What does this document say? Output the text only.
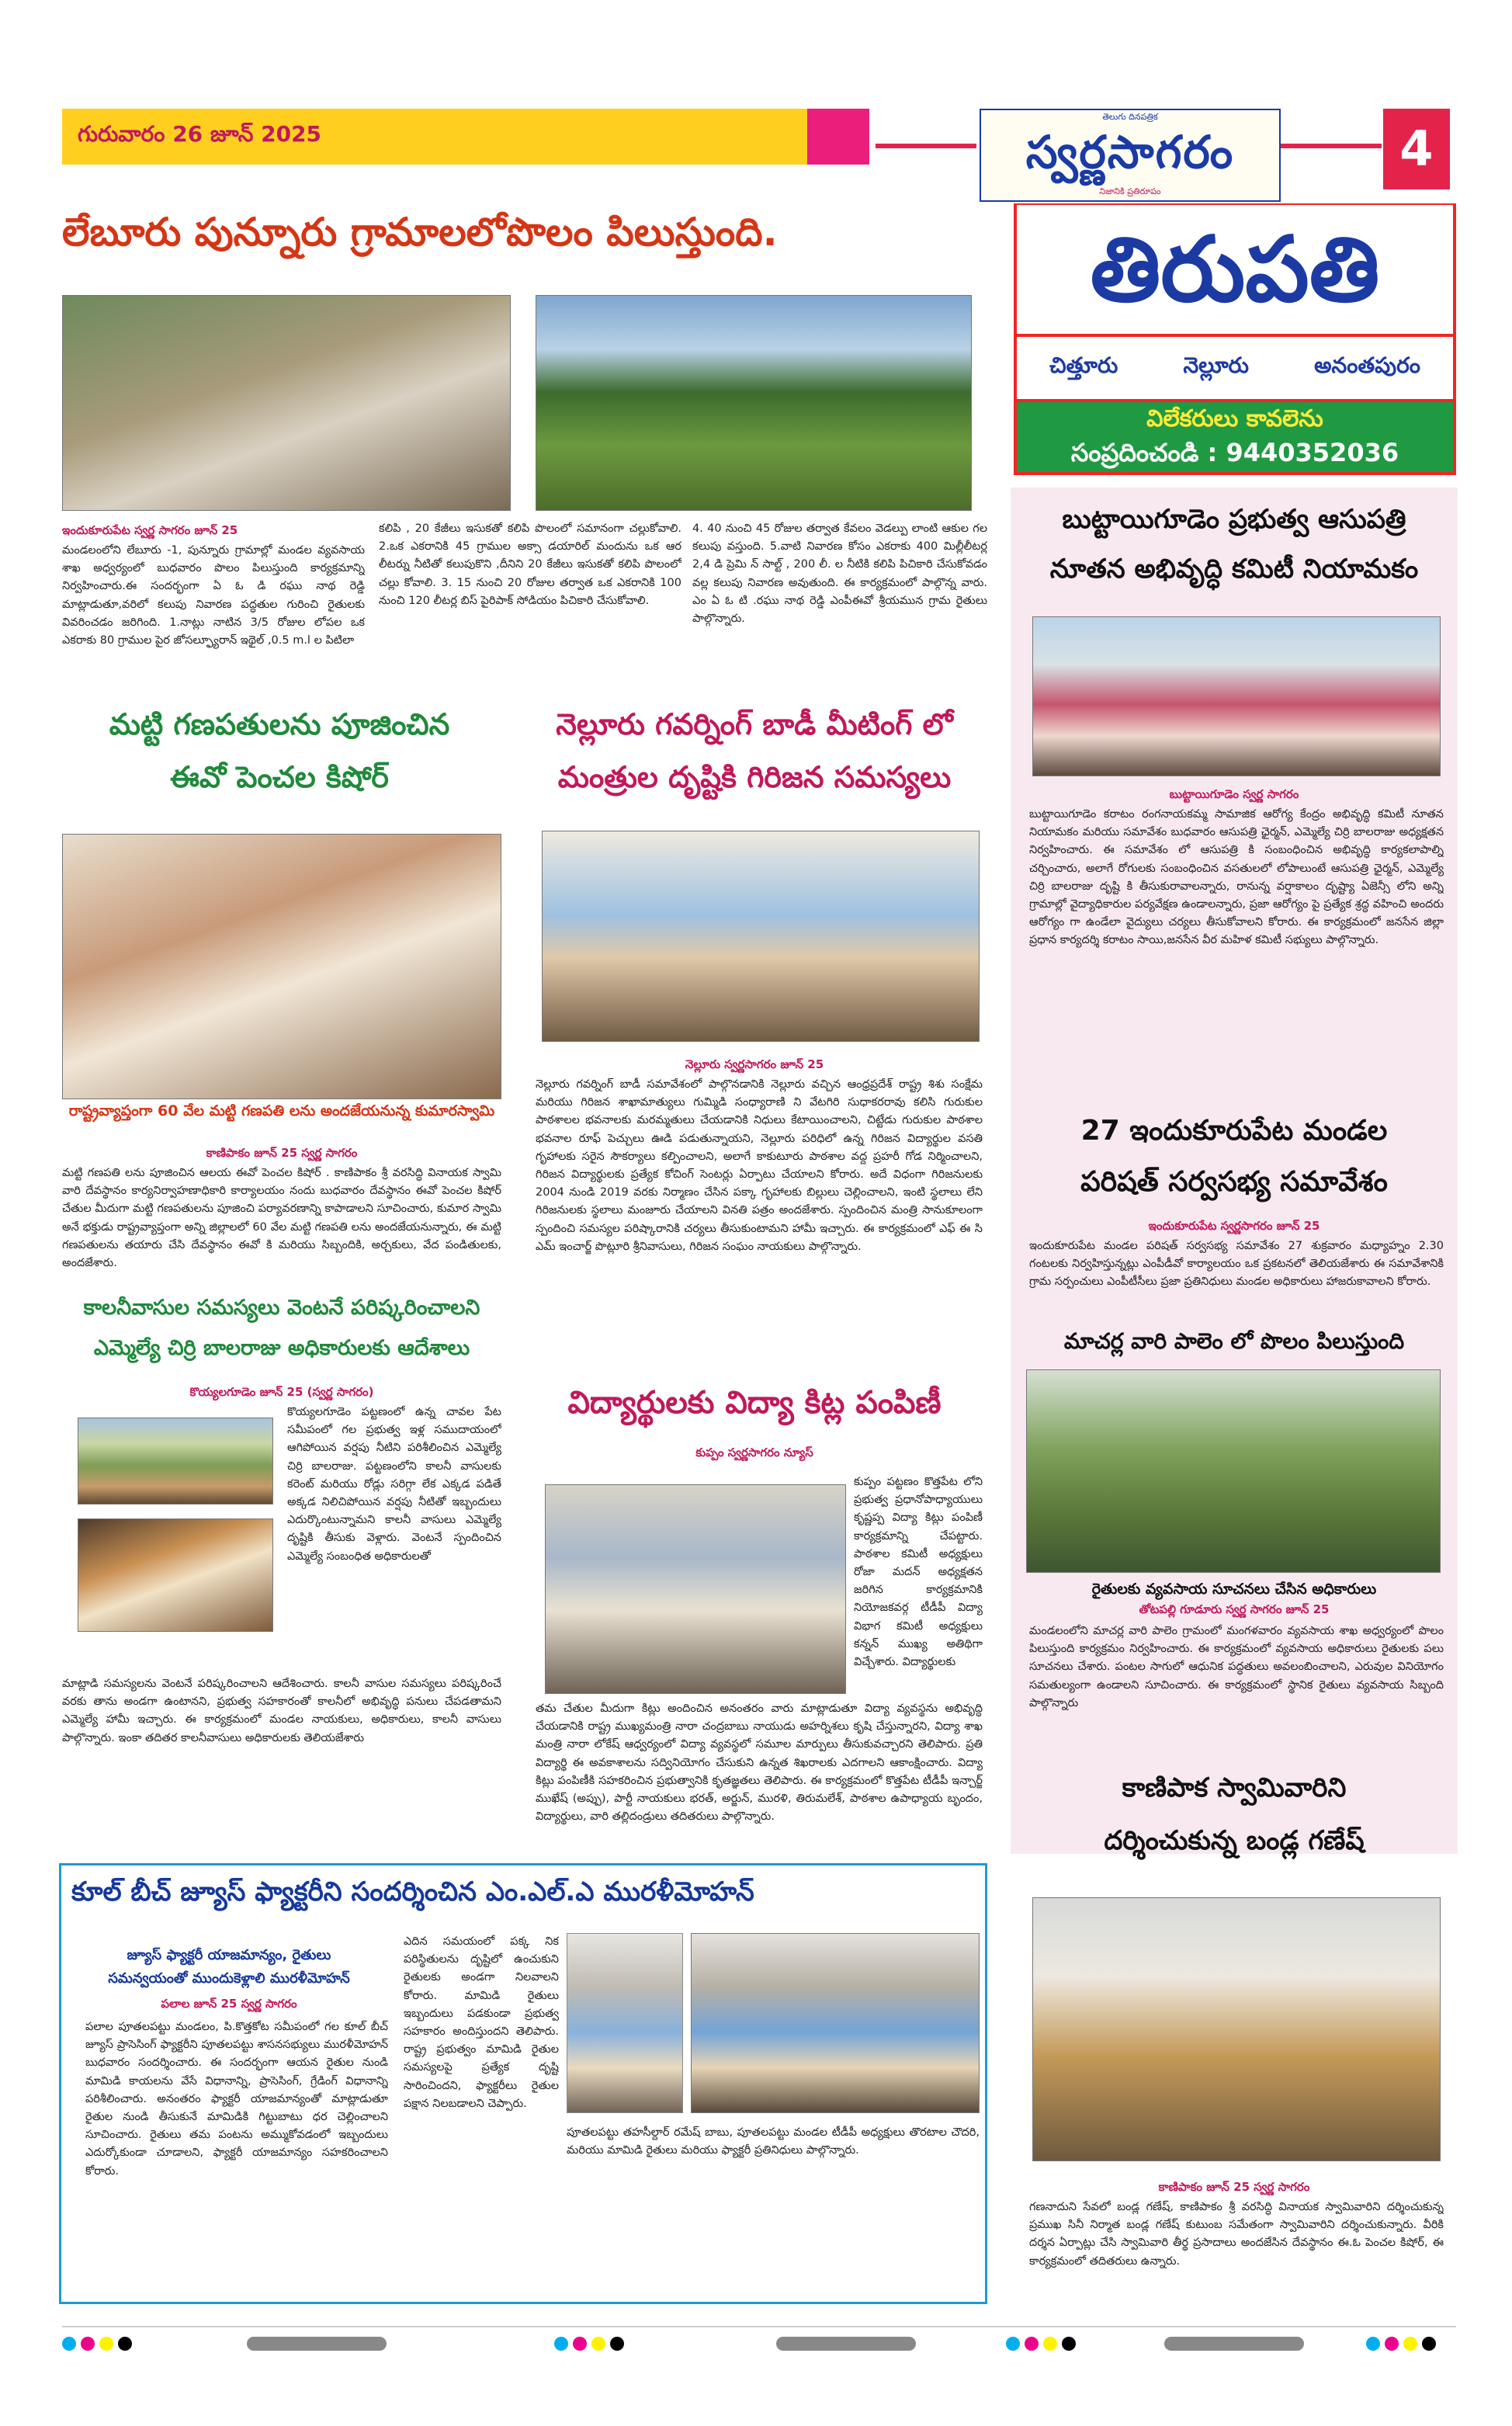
గురువారం 26 జూన్ 2025
తెలుగు దినపత్రిక
స్వర్ణసాగరం
నిజానికి ప్రతిరూపం
4
లేబూరు పున్నూరు గ్రామాలలోపొలం పిలుస్తుంది.
ఇందుకూరుపేట స్వర్ణ సాగరం జూన్ 25
మండలంలోని లేబూరు -1, పున్నూరు గ్రామాల్లో మండల వ్యవసాయ శాఖ అధ్వర్యంలో బుధవారం పొలం పిలుస్తుంది కార్యక్రమాన్ని నిర్వహించారు.ఈ సందర్భంగా ఏ ఓ డి రఘు నాథ రెడ్డి మాట్లాడుతూ,వరిలో కలుపు నివారణ పద్ధతుల గురించి రైతులకు వివరించడం జరిగింది. 1.నాట్లు నాటిన 3/5 రోజుల లోపల ఒక ఎకరాకు 80 గ్రాముల పైర జోసల్ఫ్యూరాన్ ఇథైల్ ,0.5 m.l ల పిటిలా
కలిపి , 20 కేజీలు ఇసుకతో కలిపి పొలంలో సమానంగా చల్లుకోవాలి. 2.ఒక ఎకరానికి 45 గ్రాముల అక్సా డయారిల్ మందును ఒక ఆర లీటర్ను నీటితో కలుపుకొని ,దీనిని 20 కేజీలు ఇసుకతో కలిపి పొలంలో చల్లు కోవాలి. 3. 15 నుంచి 20 రోజుల తర్వాత ఒక ఎకరానికి 100 నుంచి 120 లీటర్ల బిస్ పైరిపాక్ సోడియం పిచికారి చేసుకోవాలి.
4. 40 నుంచి 45 రోజుల తర్వాత కేవలం వెడల్పు లాంటి ఆకుల గల కలుపు వస్తుంది. 5.వాటి నివారణ కోసం ఎకరాకు 400 మిల్లీలీటర్ల 2,4 డి ప్రెమి న్ సాల్ట్ , 200 లీ. ల నీటికి కలిపి పిచికారి చేసుకోవడం వల్ల కలుపు నివారణ అవుతుంది. ఈ కార్యక్రమంలో పాల్గొన్న వారు. ఎం ఏ ఓ టి .రఘు నాథ రెడ్డి ఎంపీఈవో శ్రీయమున గ్రామ రైతులు పాల్గొన్నారు.
మట్టి గణపతులను పూజించిన
ఈవో పెంచల కిషోర్
రాష్ట్రవ్యాప్తంగా 60 వేల మట్టి గణపతి లను అందజేయనున్న కుమారస్వామి
కాణిపాకం జూన్ 25 స్వర్ణ సాగరం
మట్టి గణపతి లను పూజించిన ఆలయ ఈవో పెంచల కిషోర్ . కాణిపాకం శ్రీ వరసిద్ధి వినాయక స్వామి వారి దేవస్థానం కార్యనిర్వాహణాధికారి కార్యాలయం నందు బుధవారం దేవస్థానం ఈవో పెంచల కిషోర్ చేతుల మీదుగా మట్టి గణపతులను పూజించి పర్యావరణాన్ని కాపాడాలని సూచించారు, కుమార స్వామి అనే భక్తుడు రాష్ట్రవ్యాప్తంగా అన్ని జిల్లాలలో 60 వేల మట్టి గణపతి లను అందజేయనున్నారు, ఈ మట్టి గణపతులను తయారు చేసి దేవస్థానం ఈవో కి మరియు సిబ్బందికి, అర్చకులు, వేద పండితులకు, అందజేశారు.
కాలనీవాసుల సమస్యలు వెంటనే పరిష్కరించాలని
ఎమ్మెల్యే చిర్రి బాలరాజు అధికారులకు ఆదేశాలు
కొయ్యలగూడెం జూన్ 25 (స్వర్ణ సాగరం)
కొయ్యలగూడెం పట్టణంలో ఉన్న చావల పేట సమీపంలో గల ప్రభుత్వ ఇళ్ల సముదాయంలో ఆగిపోయిన వర్షపు నీటిని పరిశీలించిన ఎమ్మెల్యే చిర్రి బాలరాజు. పట్టణంలోని కాలనీ వాసులకు కరెంట్ మరియు రోడ్లు సరిగ్గా లేక ఎక్కడ పడితే అక్కడ నిలిచిపోయిన వర్షపు నీటితో ఇబ్బందులు ఎదుర్కొంటున్నామని కాలనీ వాసులు ఎమ్మెల్యే దృష్టికి తీసుకు వెళ్లారు. వెంటనే స్పందించిన ఎమ్మెల్యే సంబంధిత అధికారులతో
మాట్లాడి సమస్యలను వెంటనే పరిష్కరించాలని ఆదేశించారు. కాలనీ వాసుల సమస్యలు పరిష్కరించే వరకు తాను అండగా ఉంటానని, ప్రభుత్వ సహకారంతో కాలనీలో అభివృద్ధి పనులు చేపడతామని ఎమ్మెల్యే హామీ ఇచ్చారు. ఈ కార్యక్రమంలో మండల నాయకులు, అధికారులు, కాలనీ వాసులు పాల్గొన్నారు. ఇంకా తదితర కాలనీవాసులు అధికారులకు తెలియజేశారు
నెల్లూరు గవర్నింగ్ బాడీ మీటింగ్ లో
మంత్రుల దృష్టికి గిరిజన సమస్యలు
నెల్లూరు స్వర్ణసాగరం జూన్ 25
నెల్లూరు గవర్నింగ్ బాడీ సమావేశంలో పాల్గొనడానికి నెల్లూరు వచ్చిన ఆంధ్రప్రదేశ్ రాష్ట్ర శిశు సంక్షేమ మరియు గిరిజన శాఖామాత్యులు గుమ్మిడి సంధ్యారాణి ని వేటగిరి సుధాకరరావు కలిసి గురుకుల పాఠశాలల భవనాలకు మరమ్మతులు చేయడానికి నిధులు కేటాయించాలని, చిట్టేడు గురుకుల పాఠశాల భవనాల రూఫ్ పెచ్చులు ఊడి పడుతున్నాయని, నెల్లూరు పరిధిలో ఉన్న గిరిజన విద్యార్థుల వసతి గృహాలకు సరైన సౌకర్యాలు కల్పించాలని, అలాగే కాకుటూరు పాఠశాల వద్ద ప్రహరీ గోడ నిర్మించాలని, గిరిజన విద్యార్థులకు ప్రత్యేక కోచింగ్ సెంటర్లు ఏర్పాటు చేయాలని కోరారు. అదే విధంగా గిరిజనులకు 2004 నుండి 2019 వరకు నిర్మాణం చేసిన పక్కా గృహాలకు బిల్లులు చెల్లించాలని, ఇంటి స్థలాలు లేని గిరిజనులకు స్థలాలు మంజూరు చేయాలని వినతి పత్రం అందజేశారు. స్పందించిన మంత్రి సానుకూలంగా స్పందించి సమస్యల పరిష్కారానికి చర్యలు తీసుకుంటామని హామీ ఇచ్చారు. ఈ కార్యక్రమంలో ఎఫ్ ఈ సి ఎమ్ ఇంచార్జ్ పొట్లూరి శ్రీనివాసులు, గిరిజన సంఘం నాయకులు పాల్గొన్నారు.
విద్యార్థులకు విద్యా కిట్ల పంపిణీ
కుప్పం స్వర్ణసాగరం న్యూస్
కుప్పం పట్టణం కొత్తపేట లోని ప్రభుత్వ ప్రధానోపాధ్యాయులు కృష్ణప్ప విద్యా కిట్లు పంపిణీ కార్యక్రమాన్ని చేపట్టారు. పాఠశాల కమిటీ అధ్యక్షులు రోజా మదన్ అధ్యక్షతన జరిగిన కార్యక్రమానికి నియోజకవర్గ టీడీపీ విద్యా విభాగ కమిటీ అధ్యక్షులు కన్నన్ ముఖ్య అతిథిగా విచ్చేశారు. విద్యార్థులకు
తమ చేతుల మీదుగా కిట్లు అందించిన అనంతరం వారు మాట్లాడుతూ విద్యా వ్యవస్థను అభివృద్ధి చేయడానికి రాష్ట్ర ముఖ్యమంత్రి నారా చంద్రబాబు నాయుడు అహర్నిశలు కృషి చేస్తున్నారని, విద్యా శాఖ మంత్రి నారా లోకేష్ ఆధ్వర్యంలో విద్యా వ్యవస్థలో సమూల మార్పులు తీసుకువచ్చారని తెలిపారు. ప్రతి విద్యార్థి ఈ అవకాశాలను సద్వినియోగం చేసుకుని ఉన్నత శిఖరాలకు ఎదగాలని ఆకాంక్షించారు. విద్యా కిట్లు పంపిణీకి సహకరించిన ప్రభుత్వానికి కృతజ్ఞతలు తెలిపారు. ఈ కార్యక్రమంలో కొత్తపేట టీడీపీ ఇన్చార్జ్ ముఖేష్ (అప్పు), పార్టీ నాయకులు భరత్, అర్జున్, మురళి, తిరుమలేశ్, పాఠశాల ఉపాధ్యాయ బృందం, విద్యార్థులు, వారి తల్లిదండ్రులు తదితరులు పాల్గొన్నారు.
కూల్ బీచ్ జ్యూస్ ఫ్యాక్టరీని సందర్శించిన ఎం.ఎల్.ఎ మురళీమోహన్
జ్యూస్ ఫ్యాక్టరీ యాజమాన్యం, రైతులు
సమన్వయంతో ముందుకెళ్లాలి మురళీమోహన్
పలాల జూన్ 25 స్వర్ణ సాగరం
పలాల పూతలపట్టు మండలం, పి.కొత్తకోట సమీపంలో గల కూల్ బీచ్ జ్యూస్ ప్రాసెసింగ్ ఫ్యాక్టరీని పూతలపట్టు శాసనసభ్యులు మురళీమోహన్ బుధవారం సందర్శించారు. ఈ సందర్భంగా ఆయన రైతుల నుండి మామిడి కాయలను వేసే విధానాన్ని, ప్రాసెసింగ్, గ్రేడింగ్ విధానాన్ని పరిశీలించారు. అనంతరం ఫ్యాక్టరీ యాజమాన్యంతో మాట్లాడుతూ రైతుల నుండి తీసుకునే మామిడికి గిట్టుబాటు ధర చెల్లించాలని సూచించారు. రైతులు తమ పంటను అమ్ముకోవడంలో ఇబ్బందులు ఎదుర్కోకుండా చూడాలని, ఫ్యాక్టరీ యాజమాన్యం సహకరించాలని కోరారు.
ఎదిన సమయంలో పక్క నిక పరిస్థితులను దృష్టిలో ఉంచుకుని రైతులకు అండగా నిలవాలని కోరారు. మామిడి రైతులు ఇబ్బందులు పడకుండా ప్రభుత్వ సహకారం అందిస్తుందని తెలిపారు. రాష్ట్ర ప్రభుత్వం మామిడి రైతుల సమస్యలపై ప్రత్యేక దృష్టి సారించిందని, ఫ్యాక్టరీలు రైతుల పక్షాన నిలబడాలని చెప్పారు.
పూతలపట్టు తహసీల్దార్ రమేష్ బాబు, పూతలపట్టు మండల టీడీపీ అధ్యక్షులు తొరటాల చౌదరి, మరియు మామిడి రైతులు మరియు ఫ్యాక్టరీ ప్రతినిధులు పాల్గొన్నారు.
తిరుపతి
చిత్తూరు	నెల్లూరు	అనంతపురం
విలేకరులు కావలెను
సంప్రదించండి : 9440352036
బుట్టాయిగూడెం ప్రభుత్వ ఆసుపత్రి
నూతన అభివృద్ధి కమిటీ నియామకం
బుట్టాయిగూడెం స్వర్ణ సాగరం
బుట్టాయిగూడెం కరాటం రంగనాయకమ్మ సామాజిక ఆరోగ్య కేంద్రం అభివృద్ధి కమిటీ నూతన నియామకం మరియు సమావేశం బుధవారం ఆసుపత్రి ఛైర్మన్, ఎమ్మెల్యే చిర్రి బాలరాజు అధ్యక్షతన నిర్వహించారు. ఈ సమావేశం లో ఆసుపత్రి కి సంబంధించిన అభివృద్ధి కార్యకలాపాల్ని చర్చించారు, అలాగే రోగులకు సంబంధించిన వసతులలో లోపాలుంటే ఆసుపత్రి ఛైర్మన్, ఎమ్మెల్యే చిర్రి బాలరాజు దృష్టి కి తీసుకురావాలన్నారు, రానున్న వర్షాకాలం దృష్ట్యా ఏజెన్సీ లోని అన్ని గ్రామాల్లో వైద్యాధికారుల పర్యవేక్షణ ఉండాలన్నారు, ప్రజా ఆరోగ్యం పై ప్రత్యేక శ్రద్ధ వహించి అందరు ఆరోగ్యం గా ఉండేలా వైద్యులు చర్యలు తీసుకోవాలని కోరారు. ఈ కార్యక్రమంలో జనసేన జిల్లా ప్రధాన కార్యదర్శి కరాటం సాయి,జనసేన వీర మహిళ కమిటీ సభ్యులు పాల్గొన్నారు.
27 ఇందుకూరుపేట మండల
పరిషత్ సర్వసభ్య సమావేశం
ఇందుకూరుపేట స్వర్ణసాగరం జూన్ 25
ఇందుకూరుపేట మండల పరిషత్ సర్వసభ్య సమావేశం 27 శుక్రవారం మధ్యాహ్నం 2.30 గంటలకు నిర్వహిస్తున్నట్లు ఎంపీడీవో కార్యాలయం ఒక ప్రకటనలో తెలియజేశారు ఈ సమావేశానికి గ్రామ సర్పంచులు ఎంపీటీసీలు ప్రజా ప్రతినిధులు మండల అధికారులు హాజరుకావాలని కోరారు.
మాచర్ల వారి పాలెం లో పొలం పిలుస్తుంది
రైతులకు వ్యవసాయ సూచనలు చేసిన అధికారులు
తోటపల్లి గూడూరు స్వర్ణ సాగరం జూన్ 25
మండలంలోని మాచర్ల వారి పాలెం గ్రామంలో మంగళవారం వ్యవసాయ శాఖ అధ్వర్యంలో పొలం పిలుస్తుంది కార్యక్రమం నిర్వహించారు. ఈ కార్యక్రమంలో వ్యవసాయ అధికారులు రైతులకు పలు సూచనలు చేశారు. పంటల సాగులో ఆధునిక పద్ధతులు అవలంబించాలని, ఎరువుల వినియోగం సమతుల్యంగా ఉండాలని సూచించారు. ఈ కార్యక్రమంలో స్థానిక రైతులు వ్యవసాయ సిబ్బంది పాల్గొన్నారు
కాణిపాక స్వామివారిని
దర్శించుకున్న బండ్ల గణేష్
కాణిపాకం జూన్ 25 స్వర్ణ సాగరం
గణనాదుని సేవలో బండ్ల గణేష్, కాణిపాకం శ్రీ వరసిద్ధి వినాయక స్వామివారిని దర్శించుకున్న ప్రముఖ సినీ నిర్మాత బండ్ల గణేష్ కుటుంబ సమేతంగా స్వామివారిని దర్శించుకున్నారు. వీరికి దర్శన ఏర్పాట్లు చేసి స్వామివారి తీర్థ ప్రసాదాలు అందజేసిన దేవస్థానం ఈ.ఓ పెంచల కిషోర్, ఈ కార్యక్రమంలో తదితరులు ఉన్నారు.
